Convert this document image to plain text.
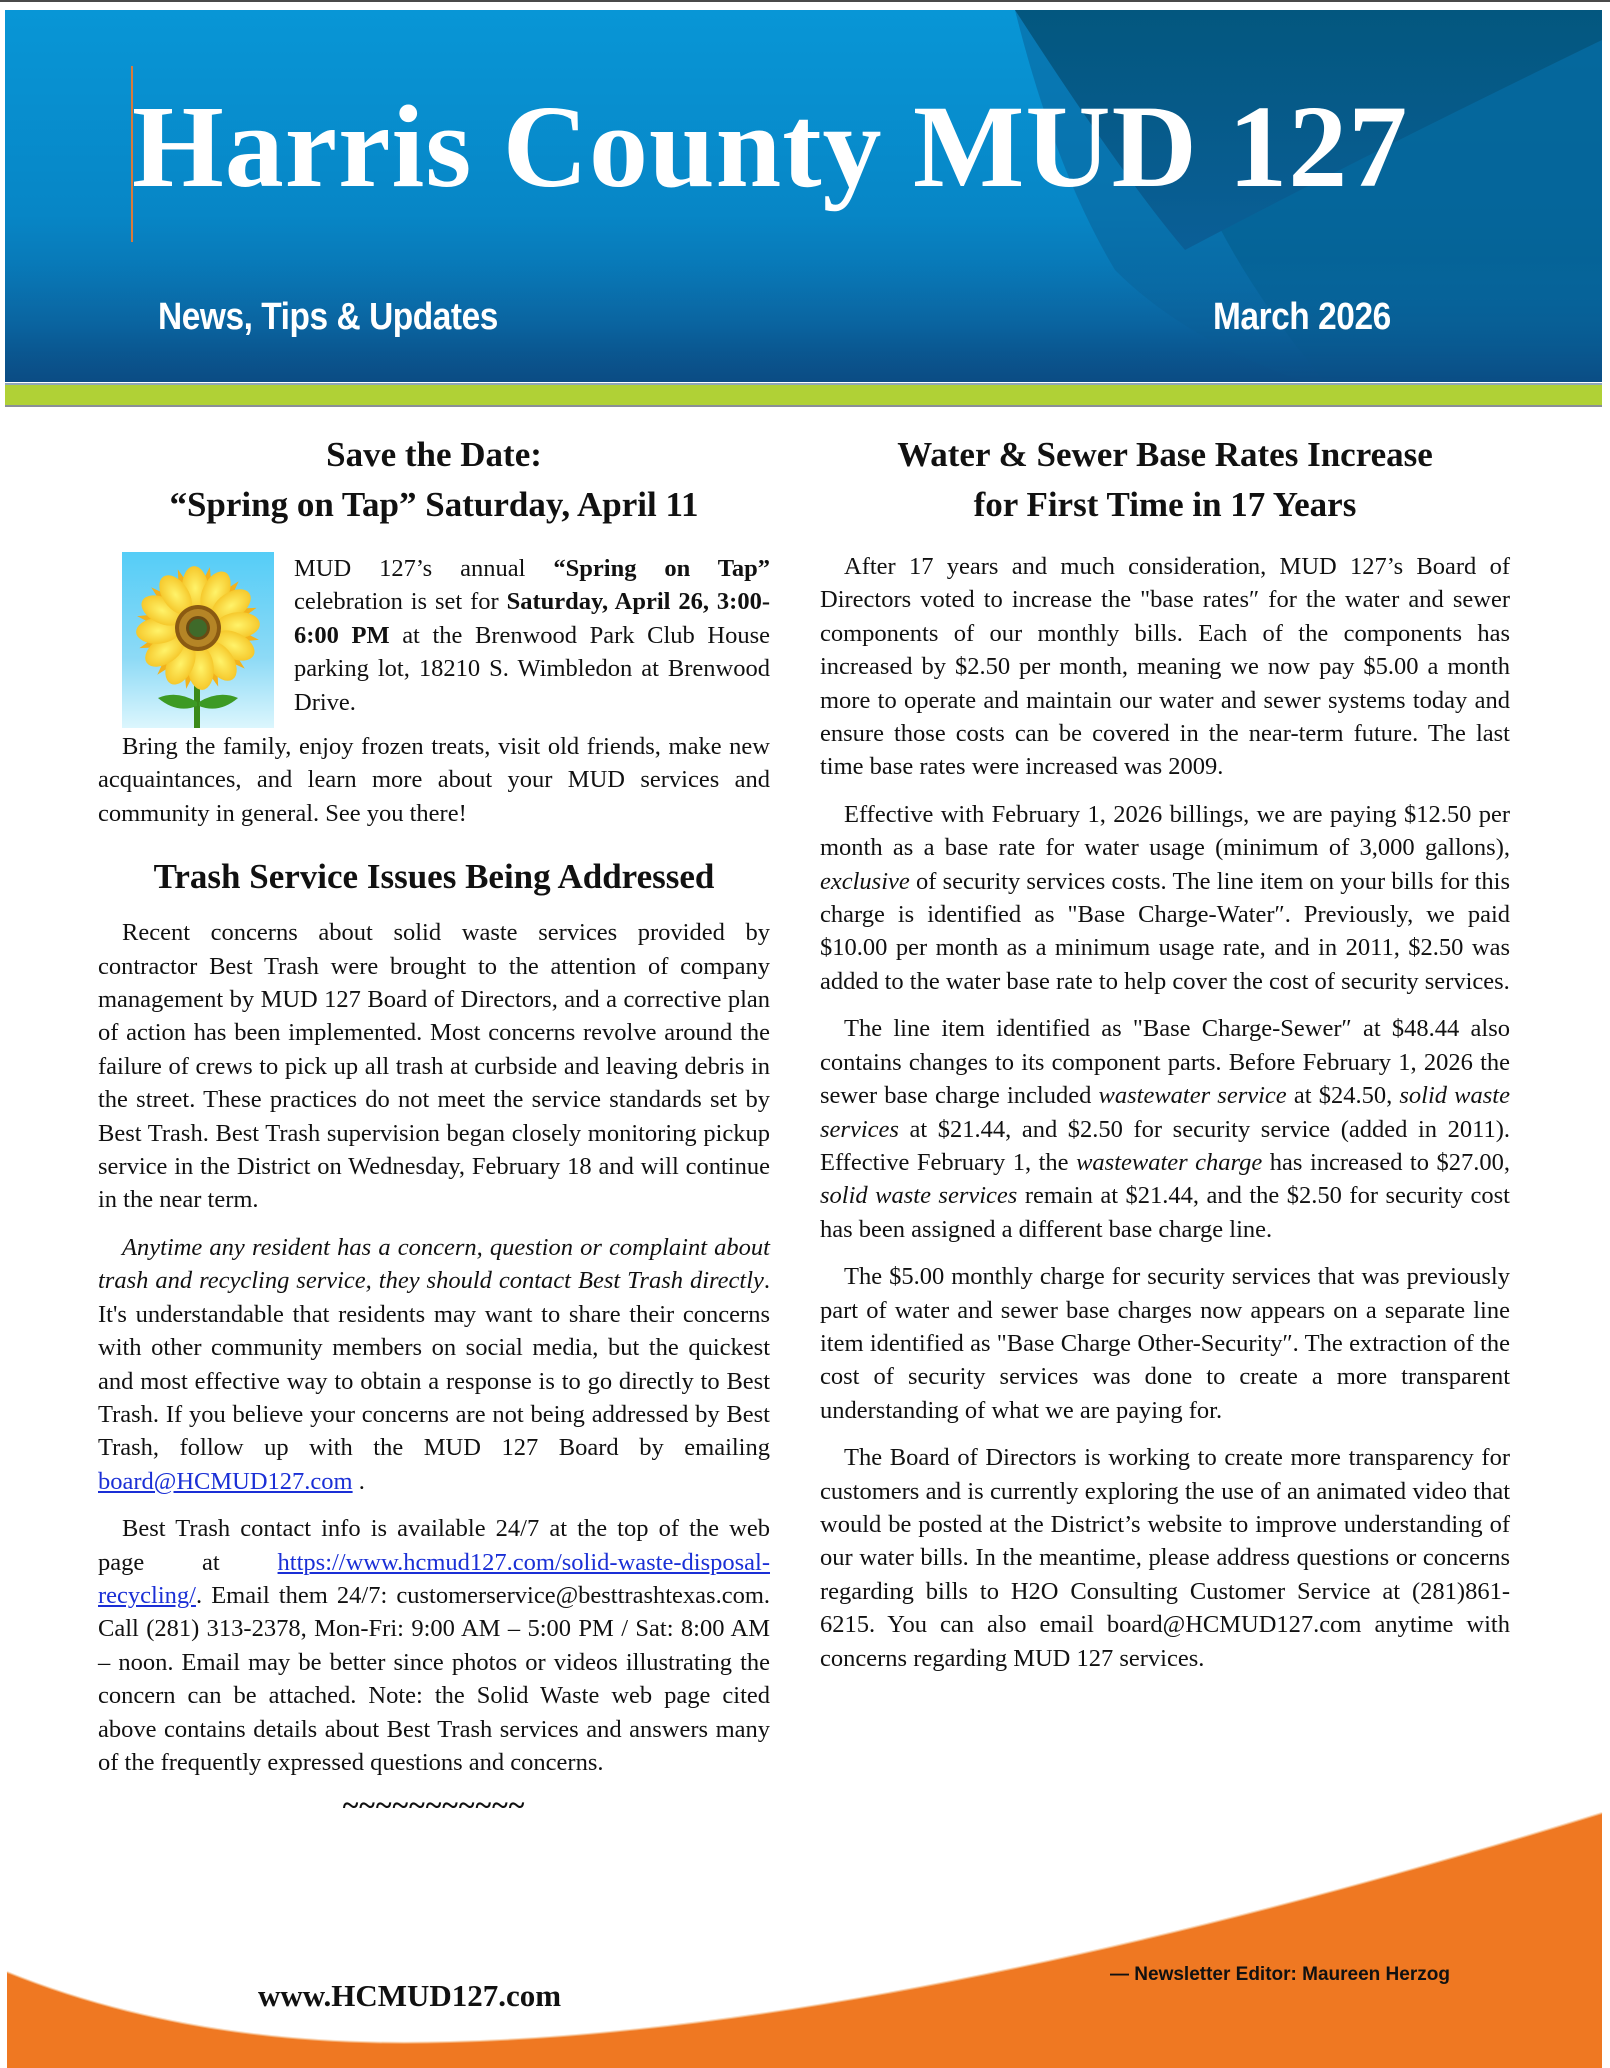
Harris County MUD 127
News, Tips & Updates	March 2026
Save the Date:
“Spring on Tap” Saturday, April 11

MUD 127’s annual “Spring on Tap” celebration is set for Saturday, April 26, 3:00-6:00 PM at the Brenwood Park Club House parking lot, 18210 S. Wimbledon at Brenwood Drive.

Bring the family, enjoy frozen treats, visit old friends, make new acquaintances, and learn more about your MUD services and community in general. See you there!

Trash Service Issues Being Addressed

Recent concerns about solid waste services provided by contractor Best Trash were brought to the attention of company management by MUD 127 Board of Directors, and a corrective plan of action has been implemented. Most concerns revolve around the failure of crews to pick up all trash at curbside and leaving debris in the street. These practices do not meet the service standards set by Best Trash. Best Trash supervision began closely monitoring pickup service in the District on Wednesday, February 18 and will continue in the near term.

Anytime any resident has a concern, question or complaint about trash and recycling service, they should contact Best Trash directly. It's understandable that residents may want to share their concerns with other community members on social media, but the quickest and most effective way to obtain a response is to go directly to Best Trash. If you believe your concerns are not being addressed by Best Trash, follow up with the MUD 127 Board by emailing board@HCMUD127.com .

Best Trash contact info is available 24/7 at the top of the web page at https://www.hcmud127.com/solid-waste-disposal-recycling/. Email them 24/7: customerservice@besttrashtexas.com. Call (281) 313-2378, Mon-Fri: 9:00 AM – 5:00 PM / Sat: 8:00 AM – noon. Email may be better since photos or videos illustrating the concern can be attached. Note: the Solid Waste web page cited above contains details about Best Trash services and answers many of the frequently expressed questions and concerns.

~~~~~~~~~~~
Water & Sewer Base Rates Increase
for First Time in 17 Years

After 17 years and much consideration, MUD 127’s Board of Directors voted to increase the "base rates″ for the water and sewer components of our monthly bills. Each of the components has increased by $2.50 per month, meaning we now pay $5.00 a month more to operate and maintain our water and sewer systems today and ensure those costs can be covered in the near-term future. The last time base rates were increased was 2009.

Effective with February 1, 2026 billings, we are paying $12.50 per month as a base rate for water usage (minimum of 3,000 gallons), exclusive of security services costs. The line item on your bills for this charge is identified as "Base Charge-Water″. Previously, we paid $10.00 per month as a minimum usage rate, and in 2011, $2.50 was added to the water base rate to help cover the cost of security services.

The line item identified as "Base Charge-Sewer″ at $48.44 also contains changes to its component parts. Before February 1, 2026 the sewer base charge included wastewater service at $24.50, solid waste services at $21.44, and $2.50 for security service (added in 2011). Effective February 1, the wastewater charge has increased to $27.00, solid waste services remain at $21.44, and the $2.50 for security cost has been assigned a different base charge line.

The $5.00 monthly charge for security services that was previously part of water and sewer base charges now appears on a separate line item identified as "Base Charge Other-Security″. The extraction of the cost of security services was done to create a more transparent understanding of what we are paying for.

The Board of Directors is working to create more transparency for customers and is currently exploring the use of an animated video that would be posted at the District’s website to improve understanding of our water bills. In the meantime, please address questions or concerns regarding bills to H2O Consulting Customer Service at (281)861-6215. You can also email board@HCMUD127.com anytime with concerns regarding MUD 127 services.

www.HCMUD127.com
— Newsletter Editor: Maureen Herzog
